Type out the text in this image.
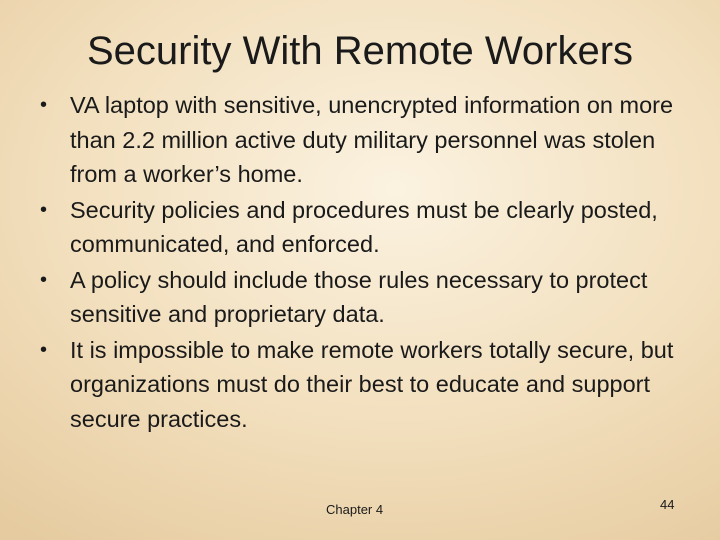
Security With Remote Workers
• VA laptop with sensitive, unencrypted information on more than 2.2 million active duty military personnel was stolen from a worker’s home.
• Security policies and procedures must be clearly posted, communicated, and enforced.
• A policy should include those rules necessary to protect sensitive and proprietary data.
• It is impossible to make remote workers totally secure, but organizations must do their best to educate and support secure practices.
Chapter 4	44
